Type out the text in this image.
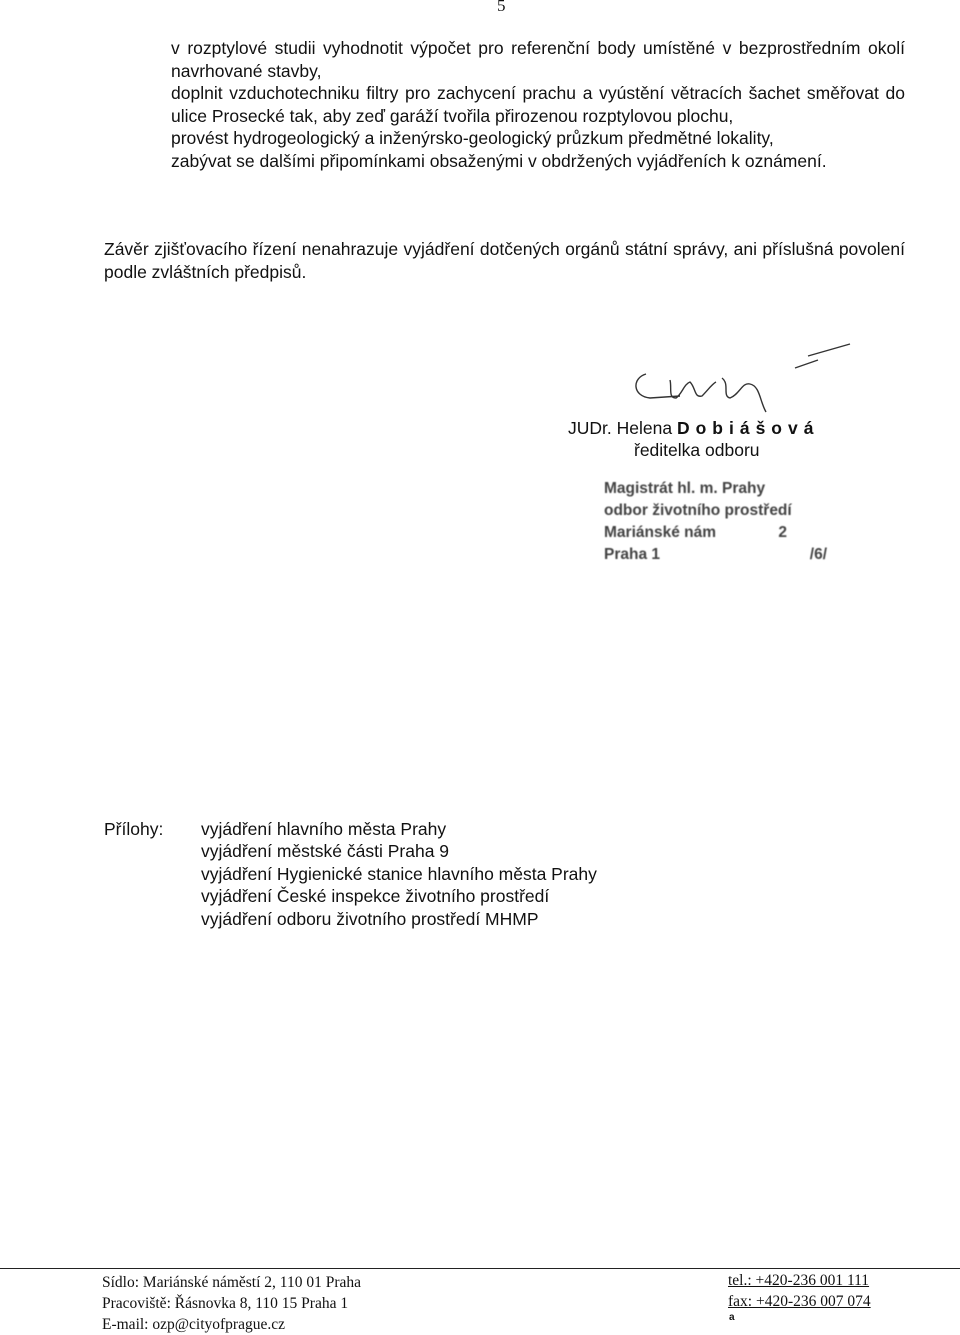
5
v rozptylové studii vyhodnotit výpočet pro referenční body umístěné v bezprostředním okolí navrhované stavby,
doplnit vzduchotechniku filtry pro zachycení prachu a vyústění větracích šachet směřovat do ulice Prosecké tak, aby zeď garáží tvořila přirozenou rozptylovou plochu,
provést hydrogeologický a inženýrsko-geologický průzkum předmětné lokality,
zabývat se dalšími připomínkami obsaženými v obdržených vyjádřeních k oznámení.
Závěr zjišťovacího řízení nenahrazuje vyjádření dotčených orgánů státní správy, ani příslušná povolení podle zvláštních předpisů.
JUDr. Helena Dobiášová
ředitelka odboru
Magistrát hl. m. Prahy
odbor životního prostředí
Mariánské nám	2
Praha 1	/6/
Přílohy:	vyjádření hlavního města Prahy
vyjádření městské části Praha 9
vyjádření Hygienické stanice hlavního města Prahy
vyjádření České inspekce životního prostředí
vyjádření odboru životního prostředí MHMP
Sídlo: Mariánské náměstí 2, 110 01 Praha
Pracoviště: Řásnovka 8, 110 15 Praha 1
E-mail: ozp@cityofprague.cz
tel.: +420-236 001 111
fax: +420-236 007 074
a
